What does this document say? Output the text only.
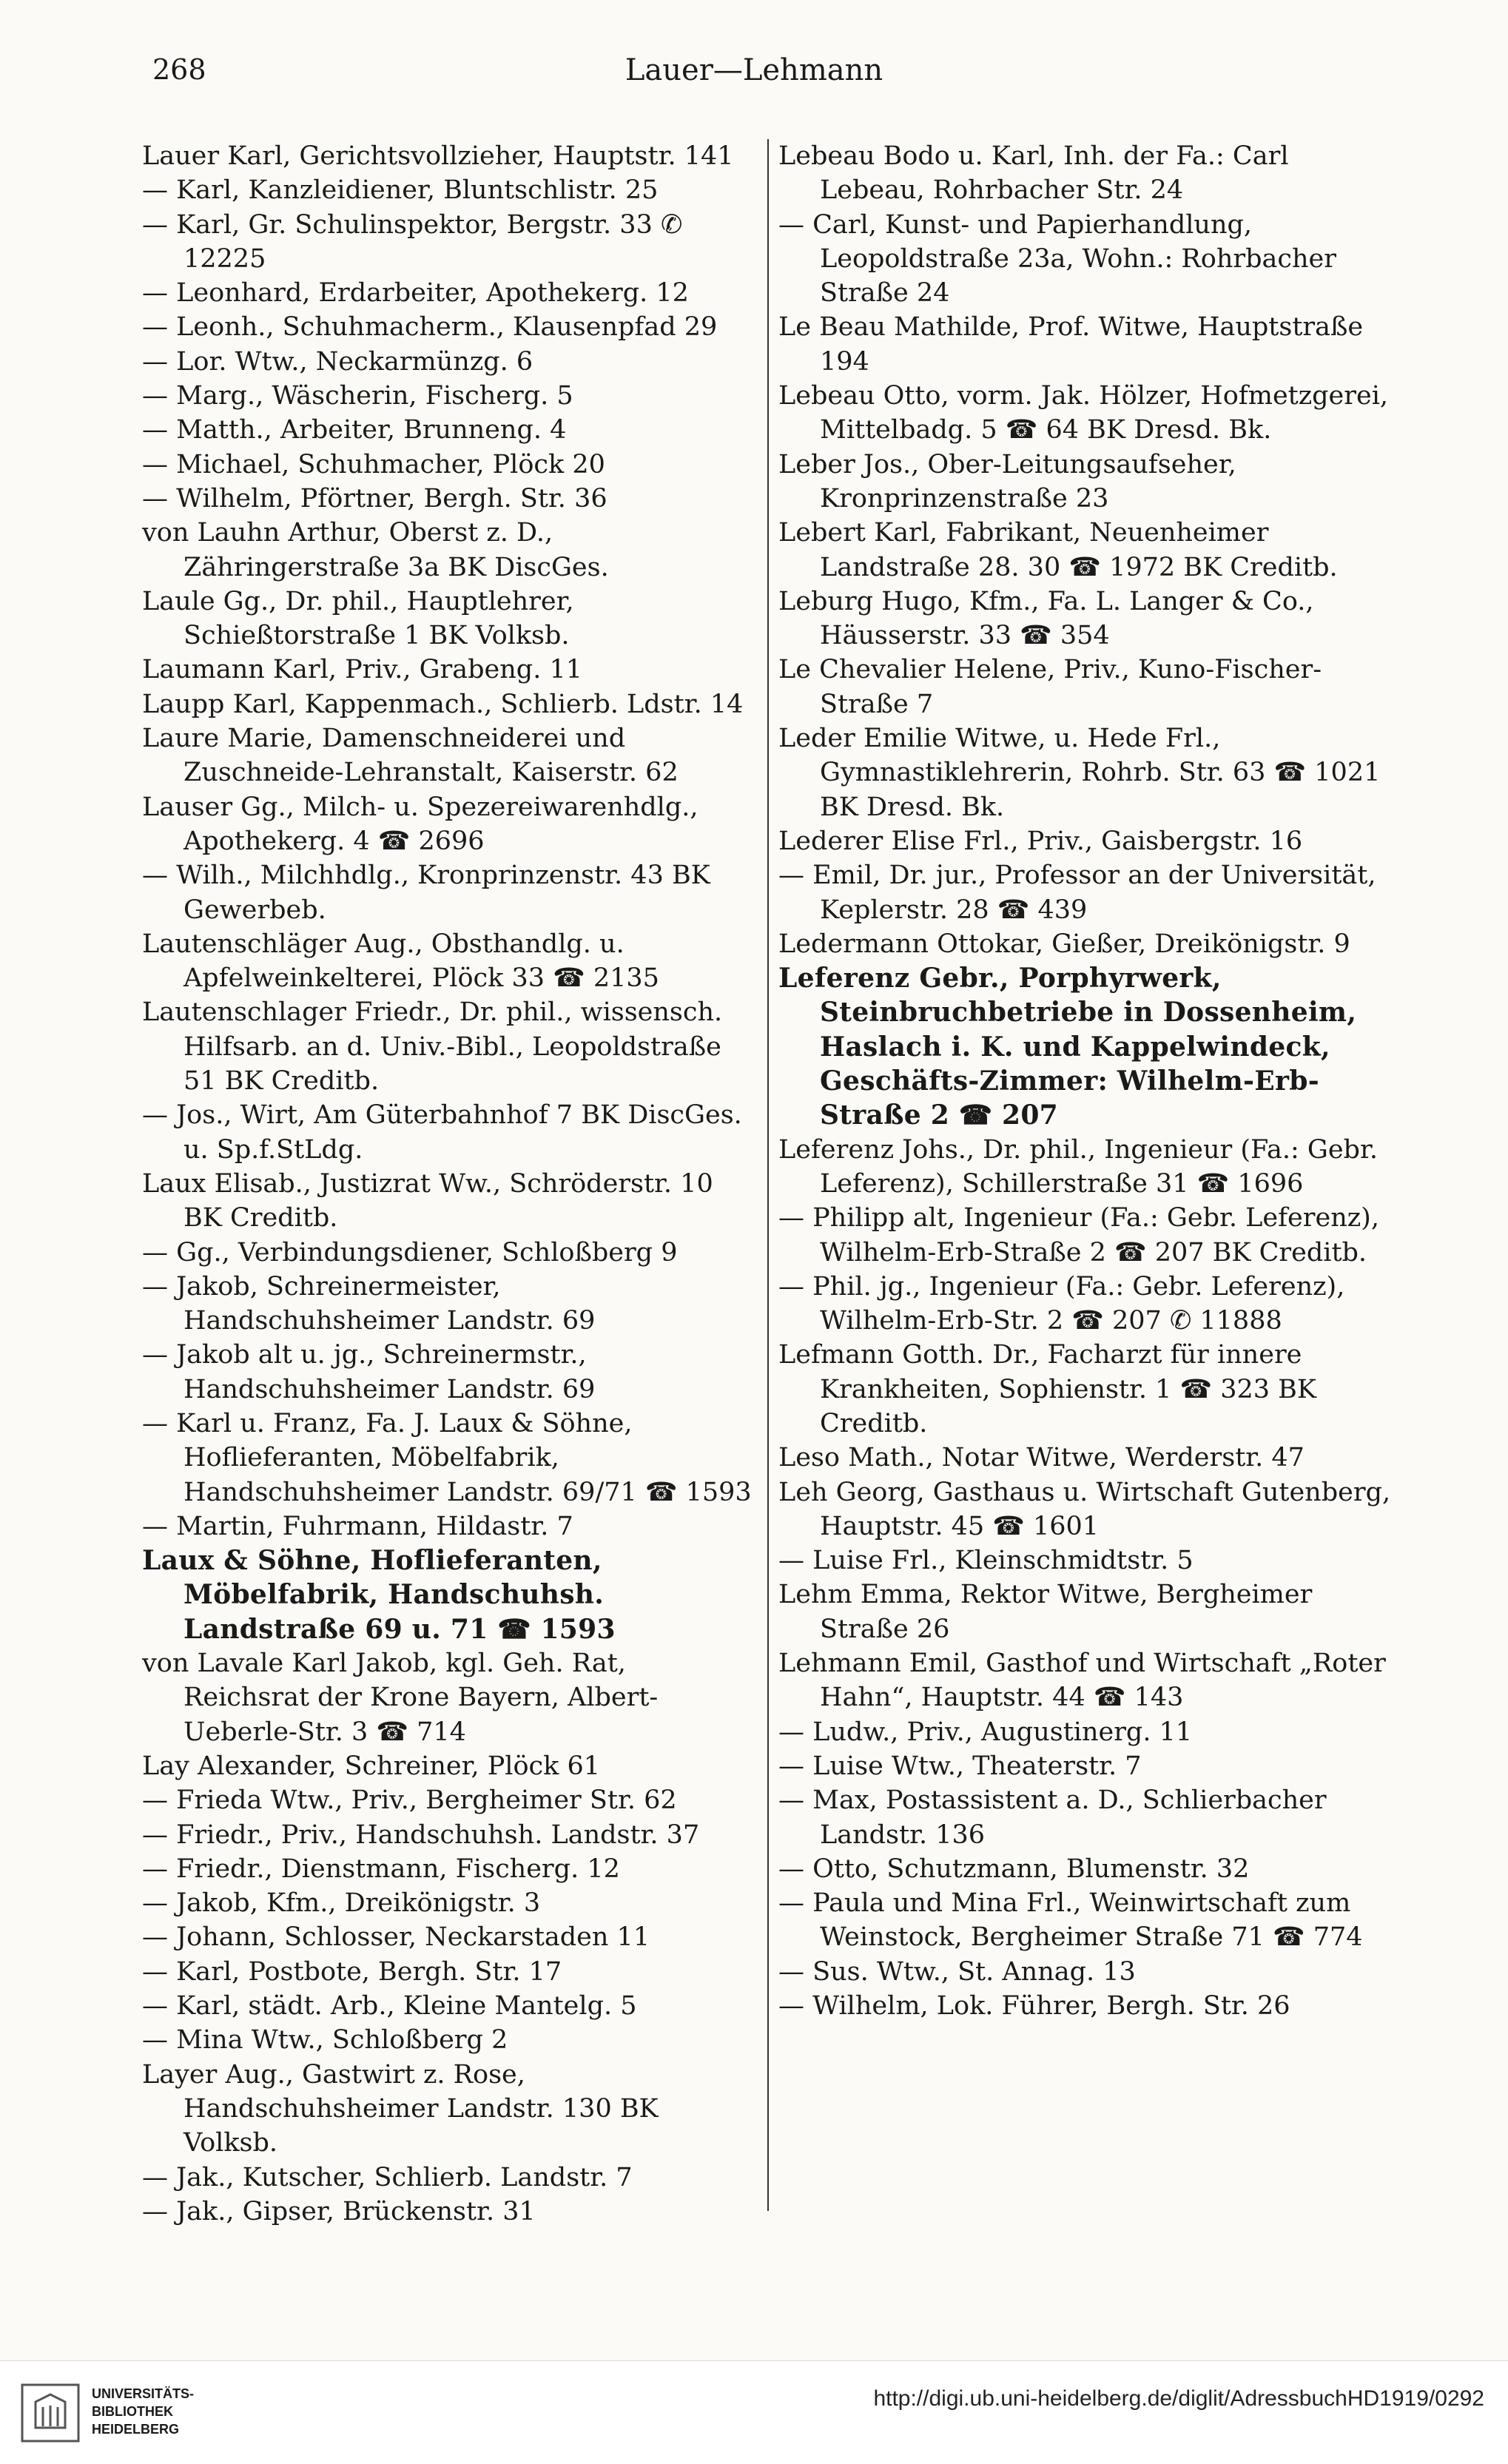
268	Lauer—Lehmann

Lauer Karl, Gerichtsvollzieher, Hauptstr. 141

— Karl, Kanzleidiener, Bluntschlistr. 25

— Karl, Gr. Schulinspektor, Bergstr. 33 ✆ 12225

— Leonhard, Erdarbeiter, Apothekerg. 12

— Leonh., Schuhmacherm., Klausenpfad 29

— Lor. Wtw., Neckarmünzg. 6

— Marg., Wäscherin, Fischerg. 5

— Matth., Arbeiter, Brunneng. 4

— Michael, Schuhmacher, Plöck 20

— Wilhelm, Pförtner, Bergh. Str. 36

von Lauhn Arthur, Oberst z. D., Zähringerstraße 3a BK DiscGes.

Laule Gg., Dr. phil., Hauptlehrer, Schießtorstraße 1 BK Volksb.

Laumann Karl, Priv., Grabeng. 11

Laupp Karl, Kappenmach., Schlierb. Ldstr. 14

Laure Marie, Damenschneiderei und Zuschneide-Lehranstalt, Kaiserstr. 62

Lauser Gg., Milch- u. Spezereiwarenhdlg., Apothekerg. 4 ☎ 2696

— Wilh., Milchhdlg., Kronprinzenstr. 43 BK Gewerbeb.

Lautenschläger Aug., Obsthandlg. u. Apfelweinkelterei, Plöck 33 ☎ 2135

Lautenschlager Friedr., Dr. phil., wissensch. Hilfsarb. an d. Univ.-Bibl., Leopoldstraße 51 BK Creditb.

— Jos., Wirt, Am Güterbahnhof 7 BK DiscGes. u. Sp.f.StLdg.

Laux Elisab., Justizrat Ww., Schröderstr. 10 BK Creditb.

— Gg., Verbindungsdiener, Schloßberg 9

— Jakob, Schreinermeister, Handschuhsheimer Landstr. 69

— Jakob alt u. jg., Schreinermstr., Handschuhsheimer Landstr. 69

— Karl u. Franz, Fa. J. Laux & Söhne, Hoflieferanten, Möbelfabrik, Handschuhsheimer Landstr. 69/71 ☎ 1593

— Martin, Fuhrmann, Hildastr. 7

Laux & Söhne, Hoflieferanten, Möbelfabrik, Handschuhsh. Landstraße 69 u. 71 ☎ 1593

von Lavale Karl Jakob, kgl. Geh. Rat, Reichsrat der Krone Bayern, Albert-Ueberle-Str. 3 ☎ 714

Lay Alexander, Schreiner, Plöck 61

— Frieda Wtw., Priv., Bergheimer Str. 62

— Friedr., Priv., Handschuhsh. Landstr. 37

— Friedr., Dienstmann, Fischerg. 12

— Jakob, Kfm., Dreikönigstr. 3

— Johann, Schlosser, Neckarstaden 11

— Karl, Postbote, Bergh. Str. 17

— Karl, städt. Arb., Kleine Mantelg. 5

— Mina Wtw., Schloßberg 2

Layer Aug., Gastwirt z. Rose, Handschuhsheimer Landstr. 130 BK Volksb.

— Jak., Kutscher, Schlierb. Landstr. 7

— Jak., Gipser, Brückenstr. 31

Lebeau Bodo u. Karl, Inh. der Fa.: Carl Lebeau, Rohrbacher Str. 24

— Carl, Kunst- und Papierhandlung, Leopoldstraße 23a, Wohn.: Rohrbacher Straße 24

Le Beau Mathilde, Prof. Witwe, Hauptstraße 194

Lebeau Otto, vorm. Jak. Hölzer, Hofmetzgerei, Mittelbadg. 5 ☎ 64 BK Dresd. Bk.

Leber Jos., Ober-Leitungsaufseher, Kronprinzenstraße 23

Lebert Karl, Fabrikant, Neuenheimer Landstraße 28. 30 ☎ 1972 BK Creditb.

Leburg Hugo, Kfm., Fa. L. Langer & Co., Häusserstr. 33 ☎ 354

Le Chevalier Helene, Priv., Kuno-Fischer-Straße 7

Leder Emilie Witwe, u. Hede Frl., Gymnastiklehrerin, Rohrb. Str. 63 ☎ 1021 BK Dresd. Bk.

Lederer Elise Frl., Priv., Gaisbergstr. 16

— Emil, Dr. jur., Professor an der Universität, Keplerstr. 28 ☎ 439

Ledermann Ottokar, Gießer, Dreikönigstr. 9

Leferenz Gebr., Porphyrwerk, Steinbruchbetriebe in Dossenheim, Haslach i. K. und Kappelwindeck, Geschäfts-Zimmer: Wilhelm-Erb-Straße 2 ☎ 207

Leferenz Johs., Dr. phil., Ingenieur (Fa.: Gebr. Leferenz), Schillerstraße 31 ☎ 1696

— Philipp alt, Ingenieur (Fa.: Gebr. Leferenz), Wilhelm-Erb-Straße 2 ☎ 207 BK Creditb.

— Phil. jg., Ingenieur (Fa.: Gebr. Leferenz), Wilhelm-Erb-Str. 2 ☎ 207 ✆ 11888

Lefmann Gotth. Dr., Facharzt für innere Krankheiten, Sophienstr. 1 ☎ 323 BK Creditb.

Leso Math., Notar Witwe, Werderstr. 47

Leh Georg, Gasthaus u. Wirtschaft Gutenberg, Hauptstr. 45 ☎ 1601

— Luise Frl., Kleinschmidtstr. 5

Lehm Emma, Rektor Witwe, Bergheimer Straße 26

Lehmann Emil, Gasthof und Wirtschaft „Roter Hahn“, Hauptstr. 44 ☎ 143

— Ludw., Priv., Augustinerg. 11

— Luise Wtw., Theaterstr. 7

— Max, Postassistent a. D., Schlierbacher Landstr. 136

— Otto, Schutzmann, Blumenstr. 32

— Paula und Mina Frl., Weinwirtschaft zum Weinstock, Bergheimer Straße 71 ☎ 774

— Sus. Wtw., St. Annag. 13

— Wilhelm, Lok. Führer, Bergh. Str. 26

UNIVERSITÄTS-
BIBLIOTHEK
HEIDELBERG
http://digi.ub.uni-heidelberg.de/diglit/AdressbuchHD1919/0292
